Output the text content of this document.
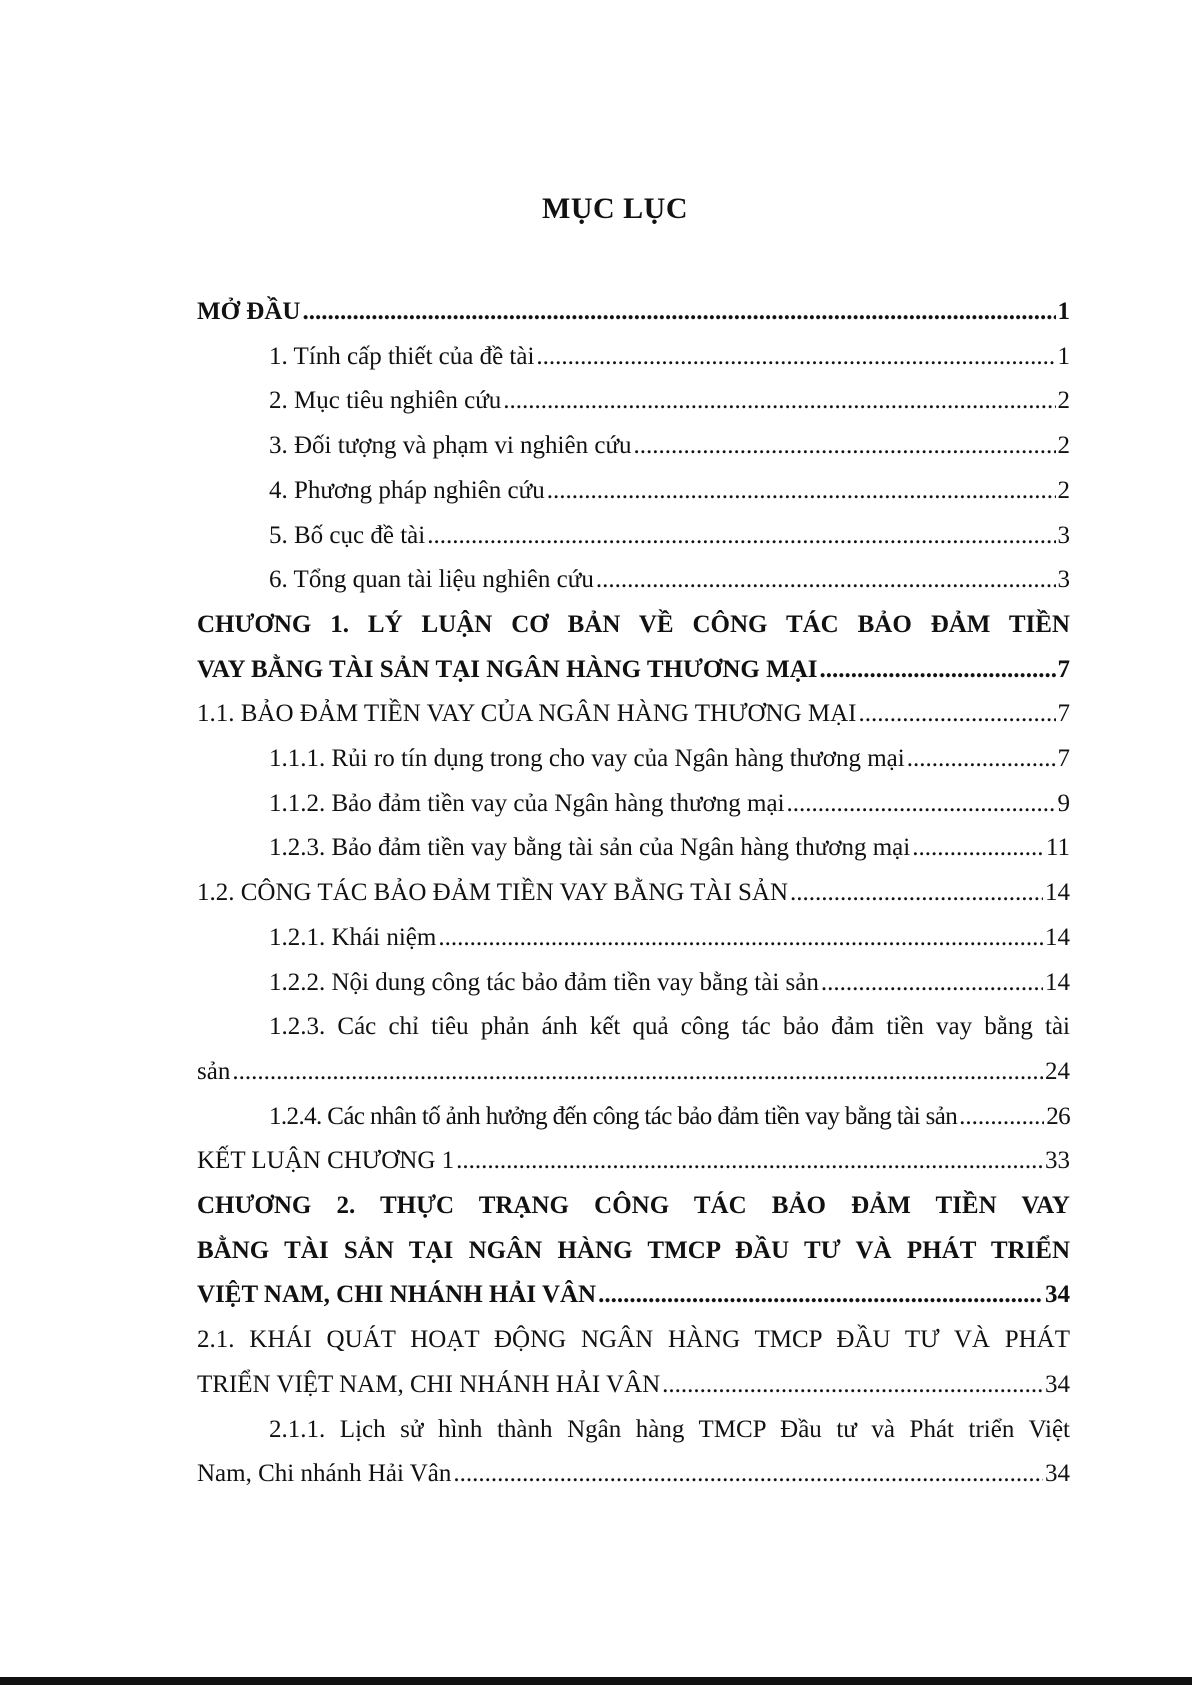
MỤC LỤC
MỞ ĐẦU .....	1
1. Tính cấp thiết của đề tài .....	1
2. Mục tiêu nghiên cứu .....	2
3. Đối tượng và phạm vi nghiên cứu .....	2
4. Phương pháp nghiên cứu .....	2
5. Bố cục đề tài .....	3
6. Tổng quan tài liệu nghiên cứu .....	3
CHƯƠNG 1. LÝ LUẬN CƠ BẢN VỀ CÔNG TÁC BẢO ĐẢM TIỀN
VAY BẰNG TÀI SẢN TẠI NGÂN HÀNG THƯƠNG MẠI .....	7
1.1. BẢO ĐẢM TIỀN VAY CỦA NGÂN HÀNG THƯƠNG MẠI .....	7
1.1.1. Rủi ro tín dụng trong cho vay của Ngân hàng thương mại .....	7
1.1.2. Bảo đảm tiền vay của Ngân hàng thương mại .....	9
1.2.3. Bảo đảm tiền vay bằng tài sản của Ngân hàng thương mại .....	11
1.2. CÔNG TÁC BẢO ĐẢM TIỀN VAY BẰNG TÀI SẢN .....	14
1.2.1. Khái niệm .....	14
1.2.2. Nội dung công tác bảo đảm tiền vay bằng tài sản .....	14
1.2.3. Các chỉ tiêu phản ánh kết quả công tác bảo đảm tiền vay bằng tài
sản .....	24
1.2.4. Các nhân tố ảnh hưởng đến công tác bảo đảm tiền vay bằng tài sản .....	26
KẾT LUẬN CHƯƠNG 1 .....	33
CHƯƠNG 2. THỰC TRẠNG CÔNG TÁC BẢO ĐẢM TIỀN VAY
BẰNG TÀI SẢN TẠI NGÂN HÀNG TMCP ĐẦU TƯ VÀ PHÁT TRIỂN
VIỆT NAM, CHI NHÁNH HẢI VÂN .....	34
2.1. KHÁI QUÁT HOẠT ĐỘNG NGÂN HÀNG TMCP ĐẦU TƯ VÀ PHÁT
TRIỂN VIỆT NAM, CHI NHÁNH HẢI VÂN .....	34
2.1.1. Lịch sử hình thành Ngân hàng TMCP Đầu tư và Phát triển Việt
Nam, Chi nhánh Hải Vân .....	34
